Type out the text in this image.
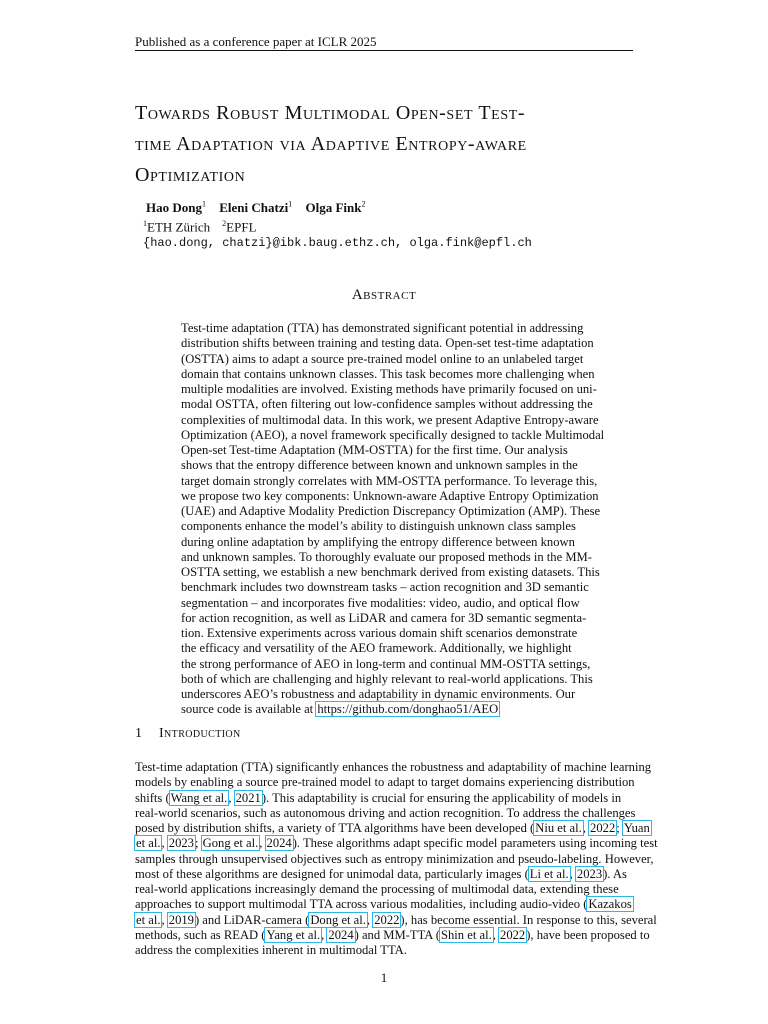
Published as a conference paper at ICLR 2025
Towards Robust Multimodal Open-set Test-
time Adaptation via Adaptive Entropy-aware
Optimization
Hao Dong$^1$ Eleni Chatzi$^1$ Olga Fink$^2$
$^1$ETH Zürich $^2$EPFL
{hao.dong, chatzi}@ibk.baug.ethz.ch, olga.fink@epfl.ch
Abstract
Test-time adaptation (TTA) has demonstrated significant potential in addressing
distribution shifts between training and testing data. Open-set test-time adaptation
(OSTTA) aims to adapt a source pre-trained model online to an unlabeled target
domain that contains unknown classes. This task becomes more challenging when
multiple modalities are involved. Existing methods have primarily focused on uni-
modal OSTTA, often filtering out low-confidence samples without addressing the
complexities of multimodal data. In this work, we present Adaptive Entropy-aware
Optimization (AEO), a novel framework specifically designed to tackle Multimodal
Open-set Test-time Adaptation (MM-OSTTA) for the first time. Our analysis
shows that the entropy difference between known and unknown samples in the
target domain strongly correlates with MM-OSTTA performance. To leverage this,
we propose two key components: Unknown-aware Adaptive Entropy Optimization
(UAE) and Adaptive Modality Prediction Discrepancy Optimization (AMP). These
components enhance the model’s ability to distinguish unknown class samples
during online adaptation by amplifying the entropy difference between known
and unknown samples. To thoroughly evaluate our proposed methods in the MM-
OSTTA setting, we establish a new benchmark derived from existing datasets. This
benchmark includes two downstream tasks – action recognition and 3D semantic
segmentation – and incorporates five modalities: video, audio, and optical flow
for action recognition, as well as LiDAR and camera for 3D semantic segmenta-
tion. Extensive experiments across various domain shift scenarios demonstrate
the efficacy and versatility of the AEO framework. Additionally, we highlight
the strong performance of AEO in long-term and continual MM-OSTTA settings,
both of which are challenging and highly relevant to real-world applications. This
underscores AEO’s robustness and adaptability in dynamic environments. Our
source code is available at https://github.com/donghao51/AEO
1 Introduction
Test-time adaptation (TTA) significantly enhances the robustness and adaptability of machine learning
models by enabling a source pre-trained model to adapt to target domains experiencing distribution
shifts (Wang et al., 2021). This adaptability is crucial for ensuring the applicability of models in
real-world scenarios, such as autonomous driving and action recognition. To address the challenges
posed by distribution shifts, a variety of TTA algorithms have been developed (Niu et al., 2022; Yuan
et al., 2023; Gong et al., 2024). These algorithms adapt specific model parameters using incoming test
samples through unsupervised objectives such as entropy minimization and pseudo-labeling. However,
most of these algorithms are designed for unimodal data, particularly images (Li et al., 2023). As
real-world applications increasingly demand the processing of multimodal data, extending these
approaches to support multimodal TTA across various modalities, including audio-video (Kazakos
et al., 2019) and LiDAR-camera (Dong et al., 2022), has become essential. In response to this, several
methods, such as READ (Yang et al., 2024) and MM-TTA (Shin et al., 2022), have been proposed to
address the complexities inherent in multimodal TTA.
1
